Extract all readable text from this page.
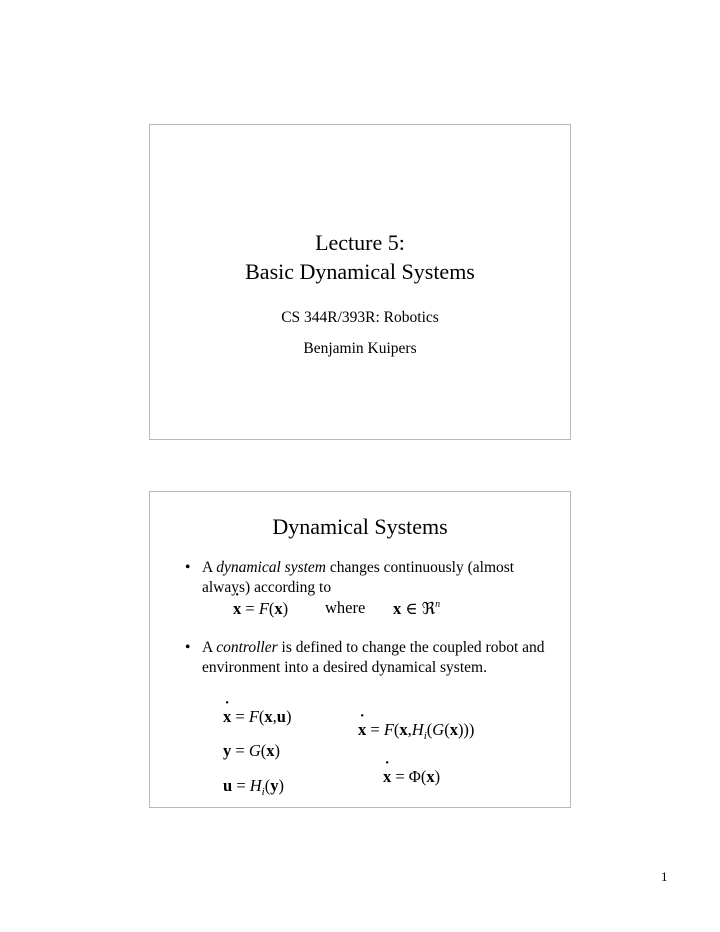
Lecture 5:
Basic Dynamical Systems
CS 344R/393R: Robotics
Benjamin Kuipers
Dynamical Systems
• A dynamical system changes continuously (almost always) according to
˙ x = F(x) where x ∈ ℜ$^n$
• A controller is defined to change the coupled robot and environment into a desired dynamical system.
˙ x = F(x,u)
˙ $x = F(x,H_i(G(x)))$
y = G(x)
˙ x = Φ(x)
$u = H_i(y)$
1
